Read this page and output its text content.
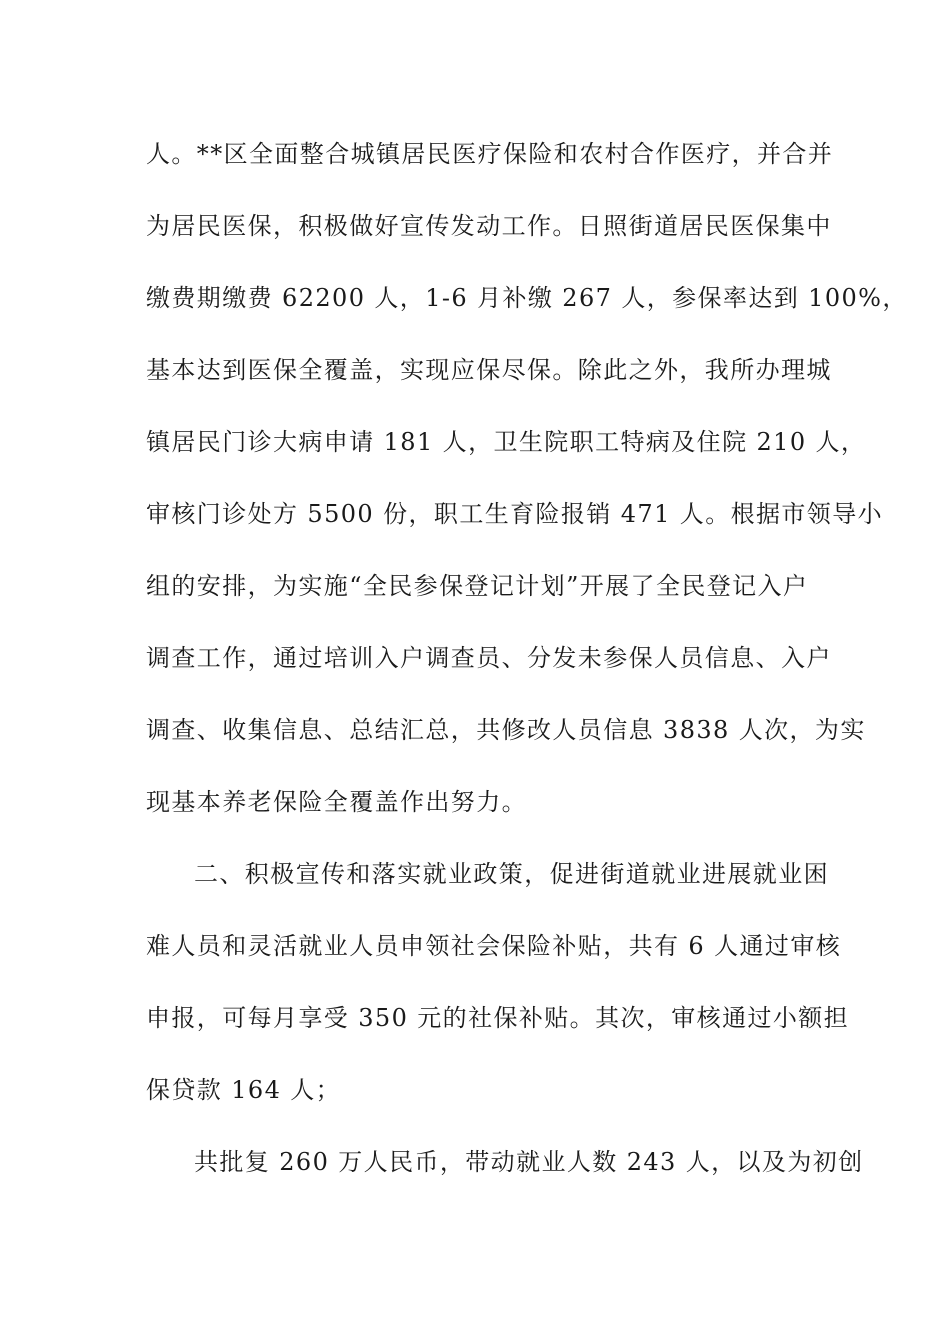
人。**区全面整合城镇居民医疗保险和农村合作医疗，并合并
为居民医保，积极做好宣传发动工作。日照街道居民医保集中
缴费期缴费 62200 人，1-6 月补缴 267 人，参保率达到 100%，
基本达到医保全覆盖，实现应保尽保。除此之外，我所办理城
镇居民门诊大病申请 181 人，卫生院职工特病及住院 210 人，
审核门诊处方 5500 份，职工生育险报销 471 人。根据市领导小
组的安排，为实施“全民参保登记计划”开展了全民登记入户
调查工作，通过培训入户调查员、分发未参保人员信息、入户
调查、收集信息、总结汇总，共修改人员信息 3838 人次，为实
现基本养老保险全覆盖作出努力。
二、积极宣传和落实就业政策，促进街道就业进展就业困
难人员和灵活就业人员申领社会保险补贴，共有 6 人通过审核
申报，可每月享受 350 元的社保补贴。其次，审核通过小额担
保贷款 164 人；
共批复 260 万人民币，带动就业人数 243 人，以及为初创
